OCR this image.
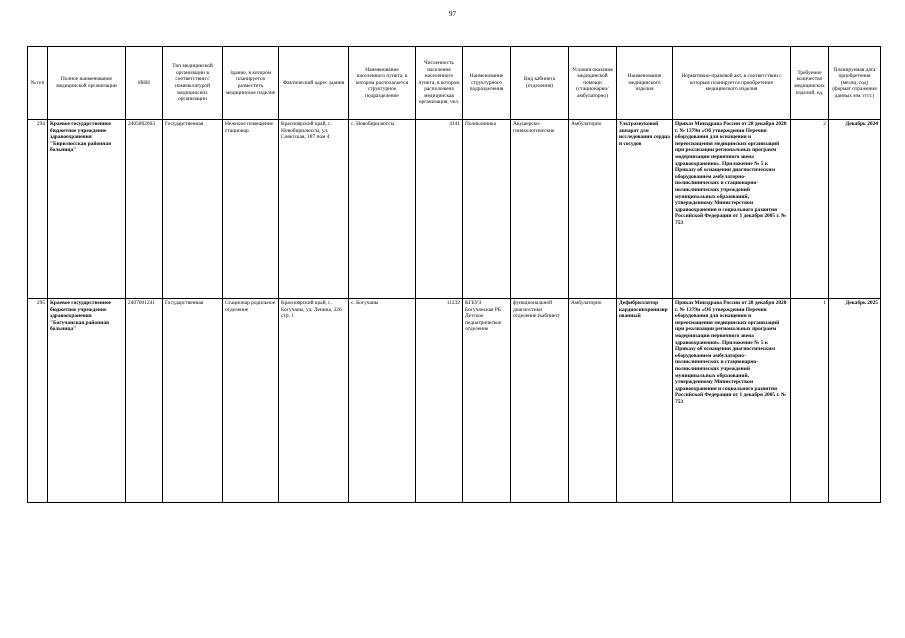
97
№ п/п	Полное наименование медицинской организации	ИНН	Тип медицинской организации в соответствии с номенклатурой медицинских организации	Здание, в котором планируется разместить медицинское изделие	Фактический адрес здания	Наименование населенного пункта, в котором располагается структурное подразделение	Численность населения населенного пункта, в котором расположена медицинская организация, чел.	Наименование структурного подразделения	Вид кабинета (отделения)	Условия оказания медицинской помощи (стационарно/ амбулаторно)	Наименование медицинского изделия	Нормативно-правовой акт, в соответствии с которым планируется приобретение медицинского изделия	Требуемое количество медицинских изделий, ед.	Планируемая дата приобретения (месяц, год) (формат отражения данных мм. гггг.)
294	Краевое государственное бюджетное учреждение здравоохранения "Бирилюсская районная больница"	2405002063	Государственная	Нежилое помещение стационар	Красноярский край, с. Новобирилюссы, ул. Советская, 187 пом 4	с. Новобирилюссы	4141	Поликлиника	Акушерско-гинекологические	Амбулаторно	Ультразвуковой аппарат для исследования сердца и сосудов	Приказ Минздрава России от 28 декабря 2020 г. № 1379н «Об утверждении Перечня оборудования для оснащения и переоснащения медицинских организаций при реализации региональных программ модернизации первичного звена здравоохранения». Приложение № 5 к Приказу об оснащении диагностическим оборудованием амбулаторно-поликлинических и стационарно-поликлинических учреждений муниципальных образований, утвержденному Министерством здравоохранения и социального развития Российской Федерации от 1 декабря 2005 г. № 753	2	Декабрь 2024
295	Краевое государственное бюджетное учреждение здравоохранения "Богучанская районная больница"	2407001241	Государственная	Стационар родильное отделение	Красноярский край, с. Богучаны, ул. Ленина, 226 стр. 1	с. Богучаны	11232	КГБУЗ Богучанская РБ Детское педиатрическое отделение	функциональной диагностики отделение (кабинет)	Амбулаторно	Дефибриллятор кардиосинхронизированный	Приказ Минздрава России от 28 декабря 2020 г. № 1379н «Об утверждении Перечня оборудования для оснащения и переоснащения медицинских организаций при реализации региональных программ модернизации первичного звена здравоохранения». Приложение № 5 к Приказу об оснащении диагностическим оборудованием амбулаторно-поликлинических и стационарно-поликлинических учреждений муниципальных образований, утвержденному Министерством здравоохранения и социального развития Российской Федерации от 1 декабря 2005 г. № 753	1	Декабрь 2025
